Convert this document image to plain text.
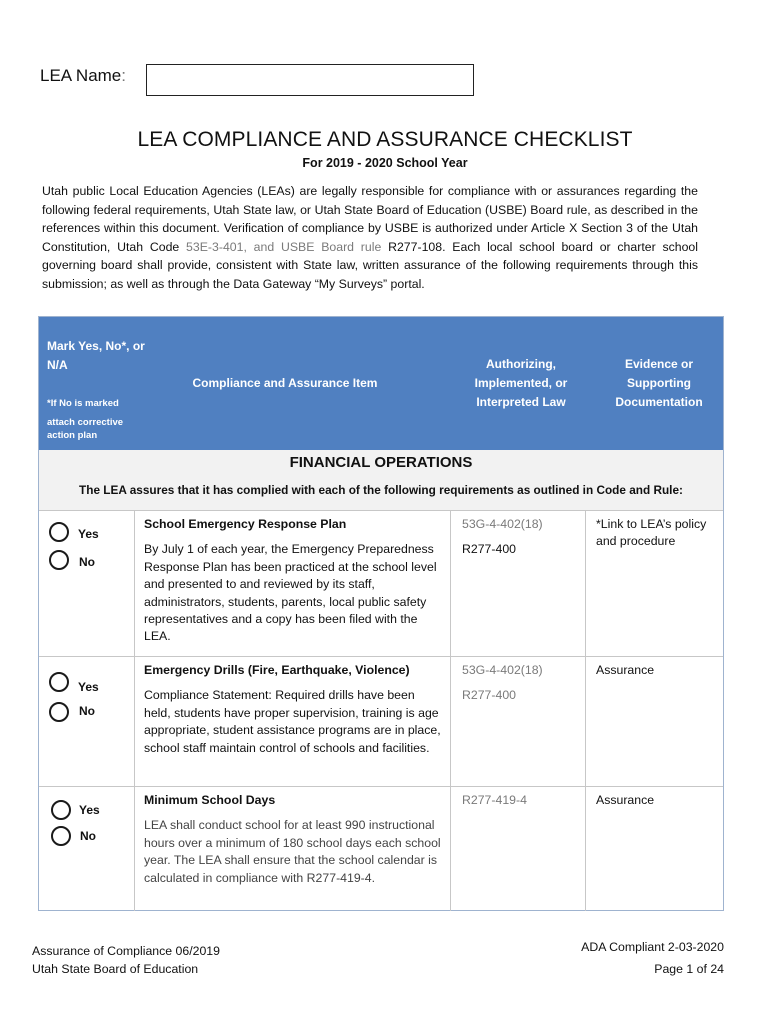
LEA Name :
LEA COMPLIANCE AND ASSURANCE CHECKLIST
For 2019 - 2020 School Year
Utah public Local Education Agencies (LEAs) are legally responsible for compliance with or assurances regarding the following federal requirements, Utah State law, or Utah State Board of Education (USBE) Board rule, as described in the references within this document. Verification of compliance by USBE is authorized under Article X Section 3 of the Utah Constitution, Utah Code 53E-3-401, and USBE Board rule R277-108. Each local school board or charter school governing board shall provide, consistent with State law, written assurance of the following requirements through this submission; as well as through the Data Gateway “My Surveys” portal.
Mark Yes, No*, or N/A
*If No is marked
attach corrective action plan
Compliance and Assurance Item
Authorizing, Implemented, or Interpreted Law
Evidence or Supporting Documentation
FINANCIAL OPERATIONS
The LEA assures that it has complied with each of the following requirements as outlined in Code and Rule:
Yes
No
School Emergency Response Plan
By July 1 of each year, the Emergency Preparedness Response Plan has been practiced at the school level and presented to and reviewed by its staff, administrators, students, parents, local public safety representatives and a copy has been filed with the LEA.
53G-4-402(18)
R277-400
*Link to LEA’s policy and procedure
Yes
No
Emergency Drills (Fire, Earthquake, Violence)
Compliance Statement: Required drills have been held, students have proper supervision, training is age appropriate, student assistance programs are in place, school staff maintain control of schools and facilities.
53G-4-402(18)
R277-400
Assurance
Yes
No
Minimum School Days
LEA shall conduct school for at least 990 instructional hours over a minimum of 180 school days each school year. The LEA shall ensure that the school calendar is calculated in compliance with R277-419-4.
R277-419-4	Assurance
Assurance of Compliance 06/2019
Utah State Board of Education
ADA Compliant 2-03-2020
Page 1 of 24
